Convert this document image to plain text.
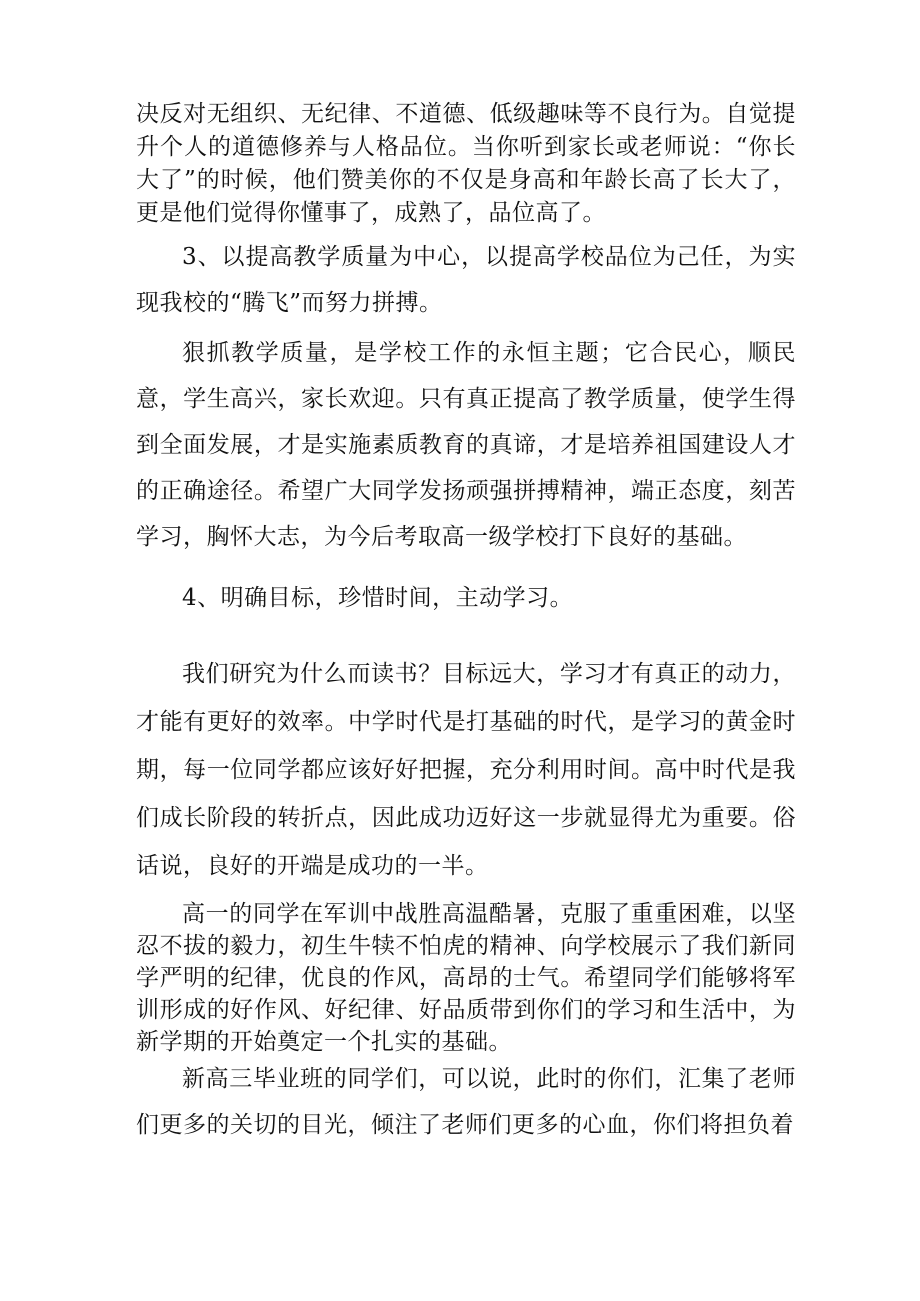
决反对无组织、无纪律、不道德、低级趣味等不良行为。自觉提升个人的道德修养与人格品位。当你听到家长或老师说：“你长大了”的时候，他们赞美你的不仅是身高和年龄长高了长大了，更是他们觉得你懂事了，成熟了，品位高了。

3、以提高教学质量为中心，以提高学校品位为己任，为实现我校的“腾飞”而努力拼搏。

狠抓教学质量，是学校工作的永恒主题；它合民心，顺民意，学生高兴，家长欢迎。只有真正提高了教学质量，使学生得到全面发展，才是实施素质教育的真谛，才是培养祖国建设人才的正确途径。希望广大同学发扬顽强拼搏精神，端正态度，刻苦学习，胸怀大志，为今后考取高一级学校打下良好的基础。

4、明确目标，珍惜时间，主动学习。

我们研究为什么而读书？目标远大，学习才有真正的动力，才能有更好的效率。中学时代是打基础的时代，是学习的黄金时期，每一位同学都应该好好把握，充分利用时间。高中时代是我们成长阶段的转折点，因此成功迈好这一步就显得尤为重要。俗话说，良好的开端是成功的一半。

高一的同学在军训中战胜高温酷暑，克服了重重困难，以坚忍不拔的毅力，初生牛犊不怕虎的精神、向学校展示了我们新同学严明的纪律，优良的作风，高昂的士气。希望同学们能够将军训形成的好作风、好纪律、好品质带到你们的学习和生活中，为新学期的开始奠定一个扎实的基础。

新高三毕业班的同学们，可以说，此时的你们，汇集了老师们更多的关切的目光，倾注了老师们更多的心血，你们将担负着
